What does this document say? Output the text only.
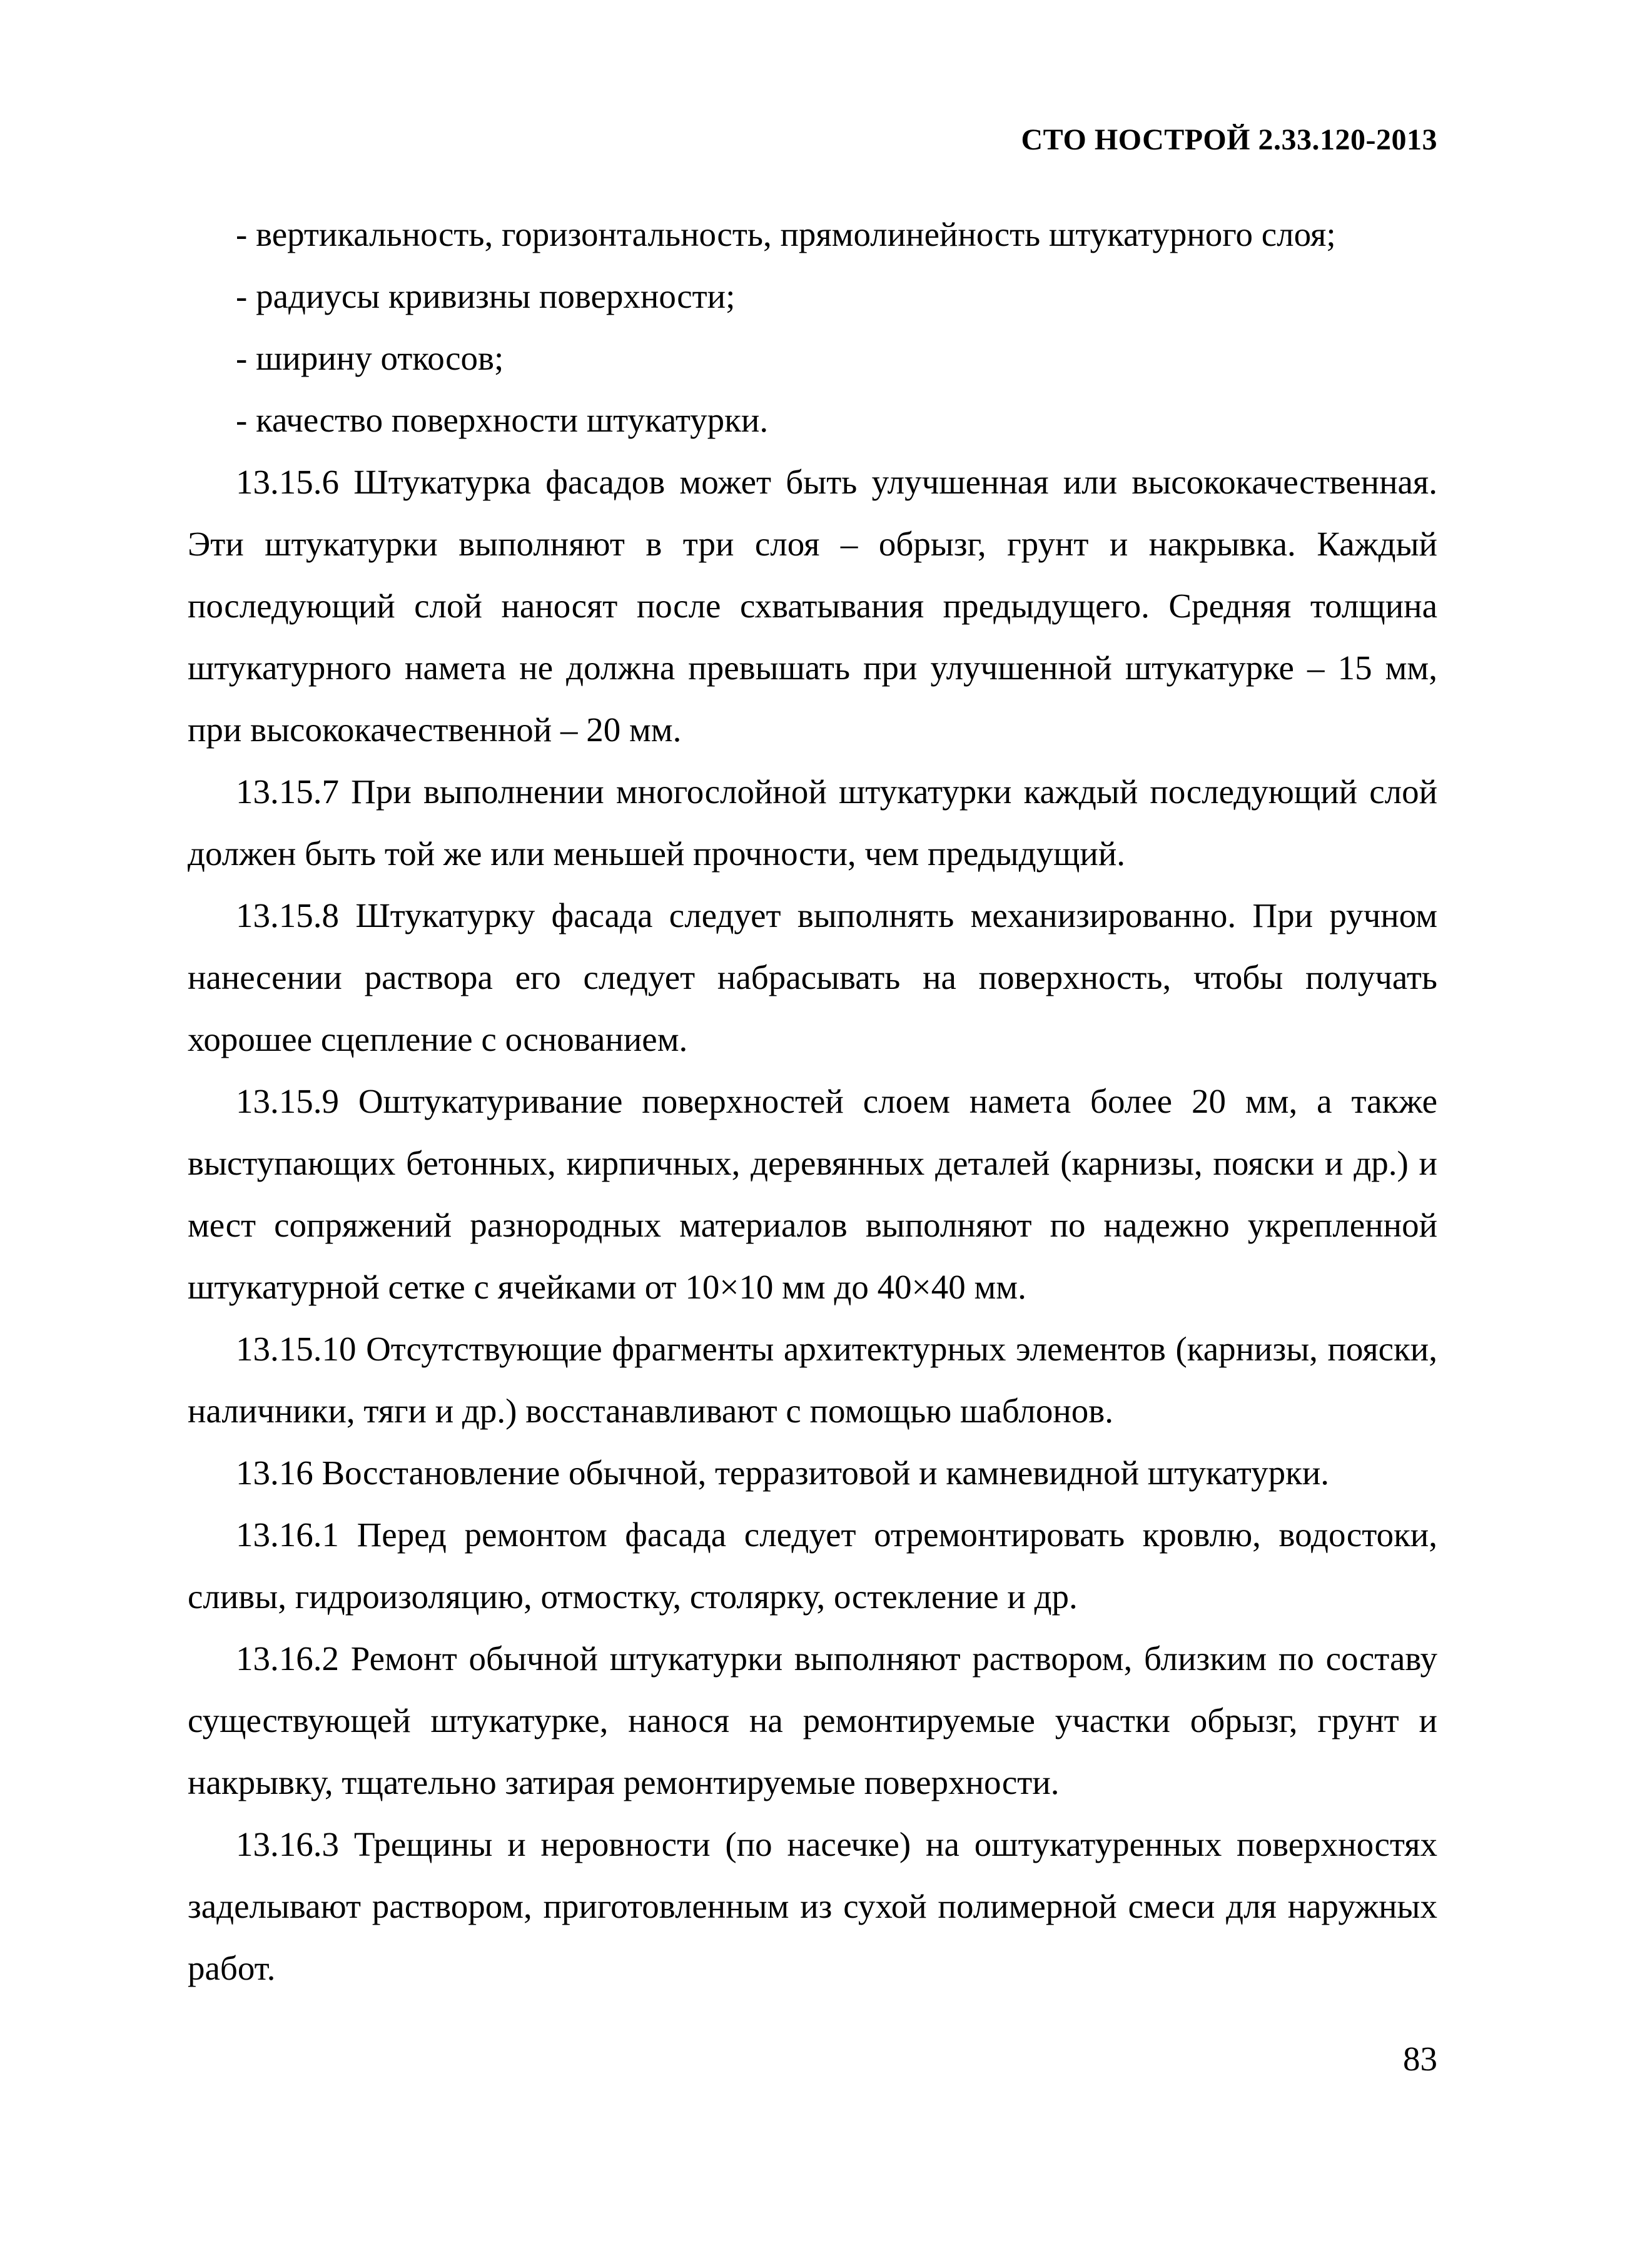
СТО НОСТРОЙ 2.33.120-2013

- вертикальность, горизонтальность, прямолинейность штукатурного слоя;

- радиусы кривизны поверхности;

- ширину откосов;

- качество поверхности штукатурки.

13.15.6 Штукатурка фасадов может быть улучшенная или высококачественная. Эти штукатурки выполняют в три слоя – обрызг, грунт и накрывка. Каждый последующий слой наносят после схватывания предыдущего. Средняя толщина штукатурного намета не должна превышать при улучшенной штукатурке – 15 мм, при высококачественной – 20 мм.

13.15.7 При выполнении многослойной штукатурки каждый последующий слой должен быть той же или меньшей прочности, чем предыдущий.

13.15.8 Штукатурку фасада следует выполнять механизированно. При ручном нанесении раствора его следует набрасывать на поверхность, чтобы получать хорошее сцепление с основанием.

13.15.9 Оштукатуривание поверхностей слоем намета более 20 мм, а также выступающих бетонных, кирпичных, деревянных деталей (карнизы, пояски и др.) и мест сопряжений разнородных материалов выполняют по надежно укрепленной штукатурной сетке с ячейками от 10×10 мм до 40×40 мм.

13.15.10 Отсутствующие фрагменты архитектурных элементов (карнизы, пояски, наличники, тяги и др.) восстанавливают с помощью шаблонов.

13.16 Восстановление обычной, терразитовой и камневидной штукатурки.

13.16.1 Перед ремонтом фасада следует отремонтировать кровлю, водостоки, сливы, гидроизоляцию, отмостку, столярку, остекление и др.

13.16.2 Ремонт обычной штукатурки выполняют раствором, близким по составу существующей штукатурке, нанося на ремонтируемые участки обрызг, грунт и накрывку, тщательно затирая ремонтируемые поверхности.

13.16.3 Трещины и неровности (по насечке) на оштукатуренных поверхностях заделывают раствором, приготовленным из сухой полимерной смеси для наружных работ.

83
